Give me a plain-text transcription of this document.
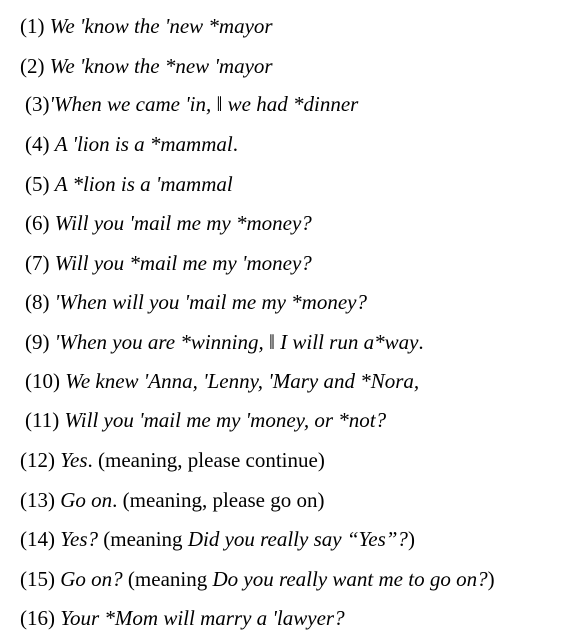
(1) We 'know the 'new *mayor
(2) We 'know the *new 'mayor
(3)'When we came 'in, ‖ we had *dinner
(4) A 'lion is a *mammal.
(5) A *lion is a 'mammal
(6) Will you 'mail me my *money?
(7) Will you *mail me my 'money?
(8) 'When will you 'mail me my *money?
(9) 'When you are *winning, ‖ I will run a*way.
(10) We knew 'Anna, 'Lenny, 'Mary and *Nora,
(11) Will you 'mail me my 'money, or *not?
(12) Yes. (meaning, please continue)
(13) Go on. (meaning, please go on)
(14) Yes? (meaning Did you really say “Yes”?)
(15) Go on? (meaning Do you really want me to go on?)
(16) Your *Mom will marry a 'lawyer?
